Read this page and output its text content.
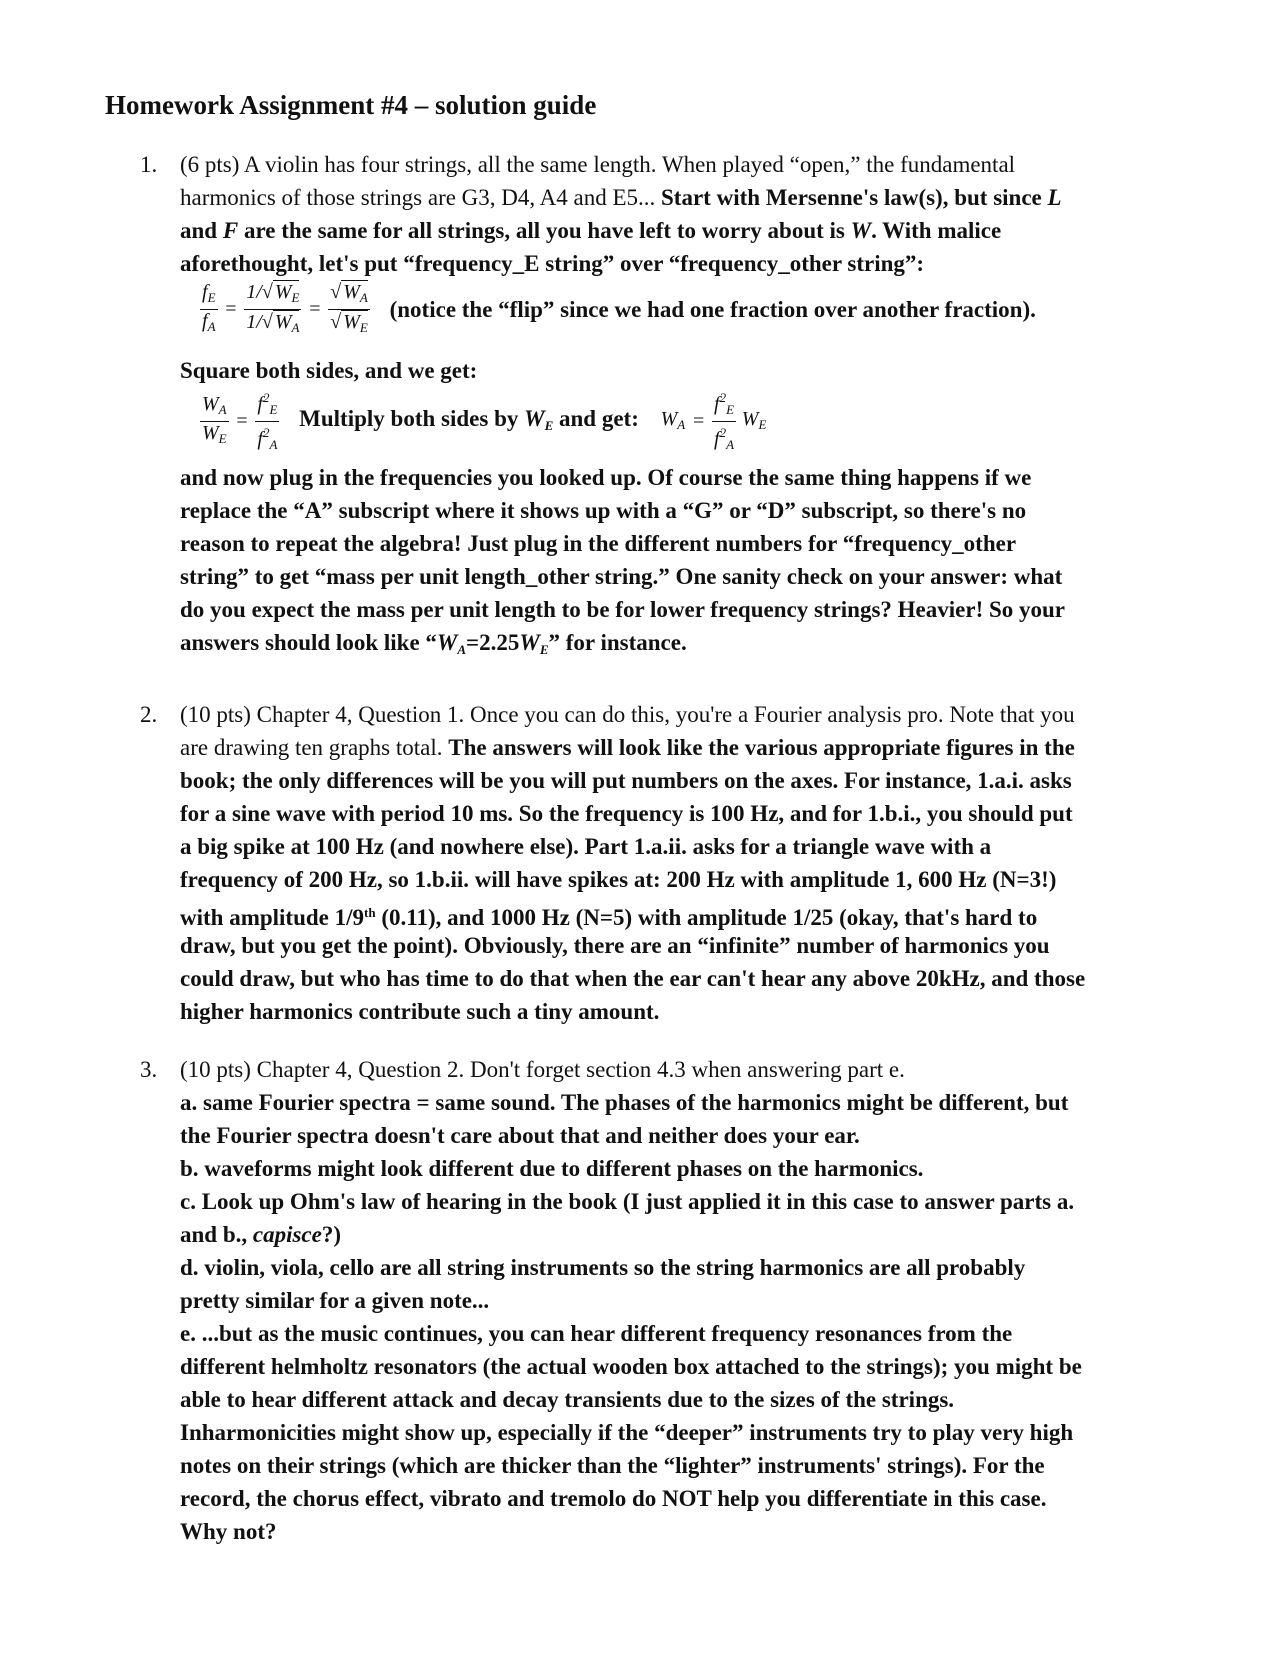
Homework Assignment #4 – solution guide
1. (6 pts) A violin has four strings, all the same length. When played “open,” the fundamental
harmonics of those strings are G3, D4, A4 and E5... Start with Mersenne's law(s), but since L
and F are the same for all strings, all you have left to worry about is W. With malice
aforethought, let's put “frequency_E string” over “frequency_other string”:
$\frac{f_E}{f_A} = \frac{1/√ W_E}{1/√ W_A} = \frac{√ W_A}{√ W_E}$ (notice the “flip” since we had one fraction over another fraction).
Square both sides, and we get:
$\frac{W_A}{W_E} = \frac{f^2_E}{f^2_A}$ Multiply both sides by $W_E$ and get: $W_A = \frac{f^2_E}{f^2_A} W_E$
and now plug in the frequencies you looked up. Of course the same thing happens if we
replace the “A” subscript where it shows up with a “G” or “D” subscript, so there's no
reason to repeat the algebra! Just plug in the different numbers for “frequency_other
string” to get “mass per unit length_other string.” One sanity check on your answer: what
do you expect the mass per unit length to be for lower frequency strings? Heavier! So your
answers should look like “$W_A=2.25W_E$” for instance.
2. (10 pts) Chapter 4, Question 1. Once you can do this, you're a Fourier analysis pro. Note that you
are drawing ten graphs total. The answers will look like the various appropriate figures in the
book; the only differences will be you will put numbers on the axes. For instance, 1.a.i. asks
for a sine wave with period 10 ms. So the frequency is 100 Hz, and for 1.b.i., you should put
a big spike at 100 Hz (and nowhere else). Part 1.a.ii. asks for a triangle wave with a
frequency of 200 Hz, so 1.b.ii. will have spikes at: 200 Hz with amplitude 1, 600 Hz (N=3!)
with amplitude 1/9th (0.11), and 1000 Hz (N=5) with amplitude 1/25 (okay, that's hard to
draw, but you get the point). Obviously, there are an “infinite” number of harmonics you
could draw, but who has time to do that when the ear can't hear any above 20kHz, and those
higher harmonics contribute such a tiny amount.
3. (10 pts) Chapter 4, Question 2. Don't forget section 4.3 when answering part e.
a. same Fourier spectra = same sound. The phases of the harmonics might be different, but
the Fourier spectra doesn't care about that and neither does your ear.
b. waveforms might look different due to different phases on the harmonics.
c. Look up Ohm's law of hearing in the book (I just applied it in this case to answer parts a.
and b., capisce?)
d. violin, viola, cello are all string instruments so the string harmonics are all probably
pretty similar for a given note...
e. ...but as the music continues, you can hear different frequency resonances from the
different helmholtz resonators (the actual wooden box attached to the strings); you might be
able to hear different attack and decay transients due to the sizes of the strings.
Inharmonicities might show up, especially if the “deeper” instruments try to play very high
notes on their strings (which are thicker than the “lighter” instruments' strings). For the
record, the chorus effect, vibrato and tremolo do NOT help you differentiate in this case.
Why not?
